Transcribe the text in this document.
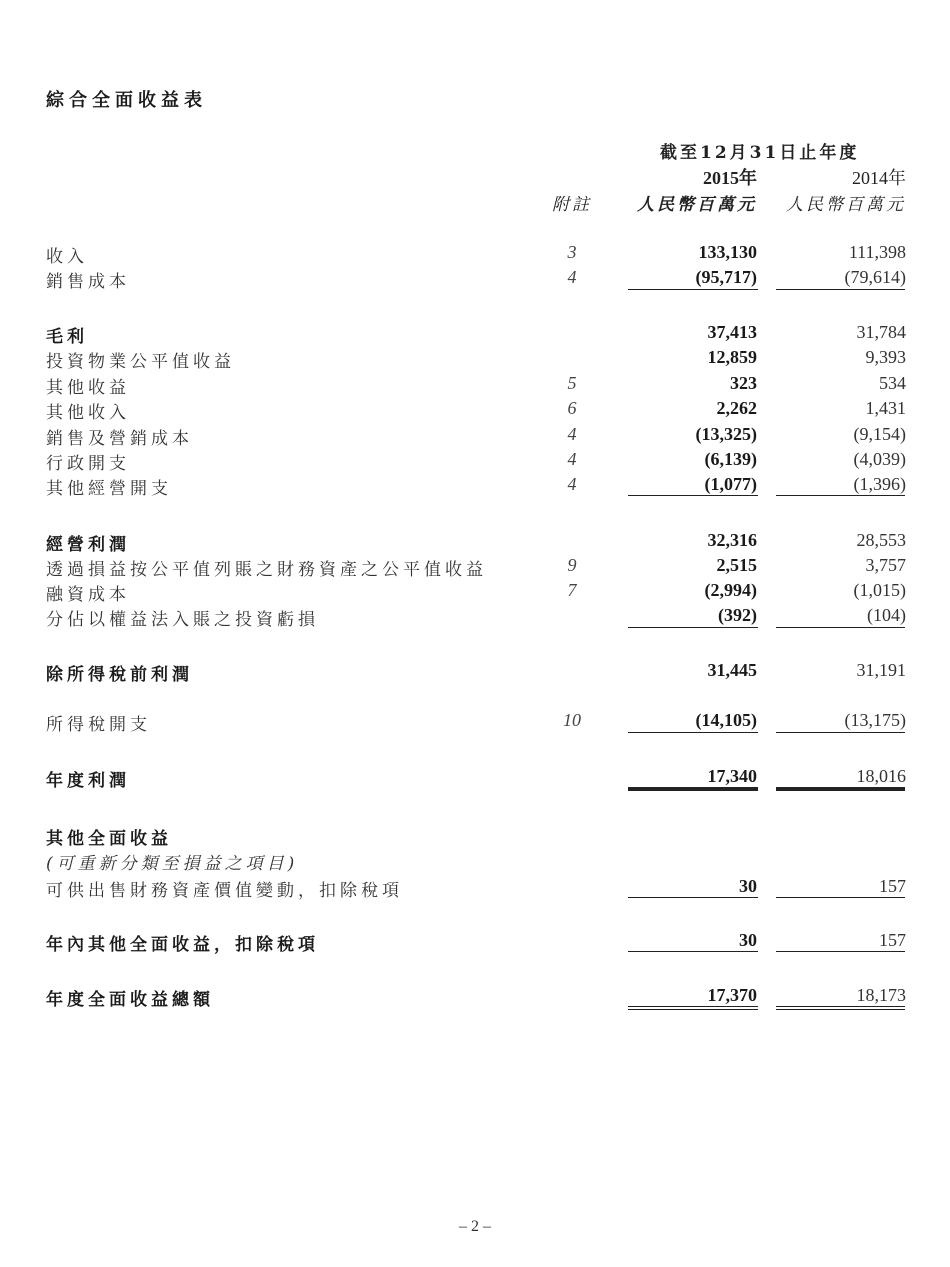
綜合全面收益表
截至12月31日止年度
2015年	2014年
附註	人民幣百萬元 人民幣百萬元
收入	3	133,130	111,398
銷售成本	4	(95,717)	(79,614)
毛利	37,413	31,784
投資物業公平值收益	12,859	9,393
其他收益	5	323	534
其他收入	6	2,262	1,431
銷售及營銷成本	4	(13,325)	(9,154)
行政開支	4	(6,139)	(4,039)
其他經營開支	4	(1,077)	(1,396)
經營利潤	32,316	28,553
透過損益按公平值列賬之財務資產之公平值收益	9	2,515	3,757
融資成本	7	(2,994)	(1,015)
分佔以權益法入賬之投資虧損	(392)	(104)
除所得稅前利潤	31,445	31,191
所得稅開支	10	(14,105)	(13,175)
年度利潤	17,340	18,016
其他全面收益
(可重新分類至損益之項目)
可供出售財務資產價值變動，扣除稅項	30	157
年內其他全面收益，扣除稅項	30	157
年度全面收益總額	17,370	18,173
– 2 –
